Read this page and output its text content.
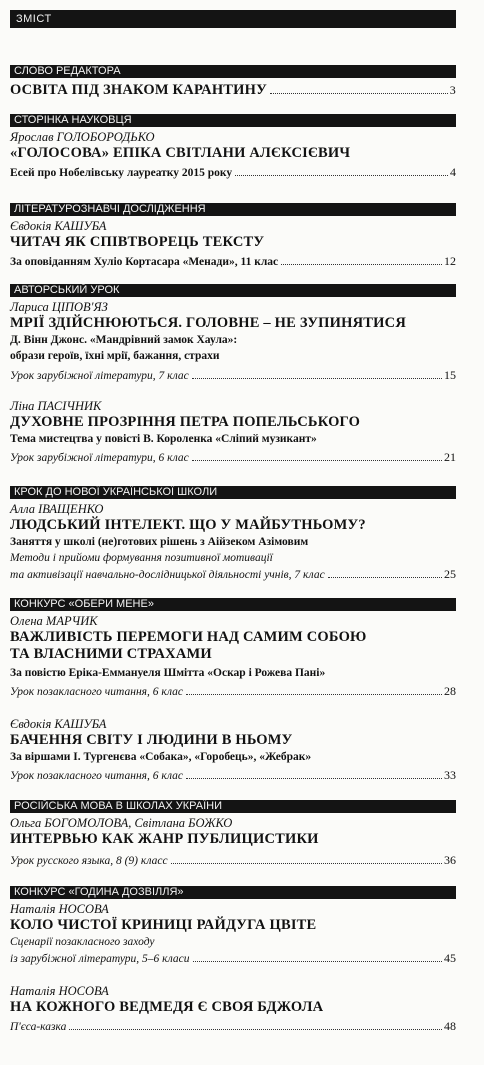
ЗМІСТ
СЛОВО РЕДАКТОРА
ОСВІТА ПІД ЗНАКОМ КАРАНТИНУ	3
СТОРІНКА НАУКОВЦЯ
Ярослав ГОЛОБОРОДЬКО
«ГОЛОСОВА» ЕПІКА СВІТЛАНИ АЛЄКСІЄВИЧ
Есей про Нобелівську лауреатку 2015 року	4
ЛІТЕРАТУРОЗНАВЧІ ДОСЛІДЖЕННЯ
Євдокія КАШУБА
ЧИТАЧ ЯК СПІВТВОРЕЦЬ ТЕКСТУ
За оповіданням Хуліо Кортасара «Менади», 11 клас	12
АВТОРСЬКИЙ УРОК
Лариса ЦІПОВ'ЯЗ
МРІЇ ЗДІЙСНЮЮТЬСЯ. ГОЛОВНЕ – НЕ ЗУПИНЯТИСЯ
Д. Вінн Джонс. «Мандрівний замок Хаула»:
образи героїв, їхні мрії, бажання, страхи
Урок зарубіжної літератури, 7 клас	15
Ліна ПАСІЧНИК
ДУХОВНЕ ПРОЗРІННЯ ПЕТРА ПОПЕЛЬСЬКОГО
Тема мистецтва у повісті В. Короленка «Сліпий музикант»
Урок зарубіжної літератури, 6 клас	21
КРОК ДО НОВОЇ УКРАЇНСЬКОЇ ШКОЛИ
Алла ІВАЩЕНКО
ЛЮДСЬКИЙ ІНТЕЛЕКТ. ЩО У МАЙБУТНЬОМУ?
Заняття у школі (не)готових рішень з Аійзеком Азімовим
Методи і прийоми формування позитивної мотивації
та активізації навчально-дослідницької діяльності учнів, 7 клас	25
КОНКУРС «ОБЕРИ МЕНЕ»
Олена МАРЧИК
ВАЖЛИВІСТЬ ПЕРЕМОГИ НАД САМИМ СОБОЮ
ТА ВЛАСНИМИ СТРАХАМИ
За повістю Еріка-Еммануеля Шмітта «Оскар і Рожева Пані»
Урок позакласного читання, 6 клас	28
Євдокія КАШУБА
БАЧЕННЯ СВІТУ І ЛЮДИНИ В НЬОМУ
За віршами І. Тургенєва «Собака», «Горобець», «Жебрак»
Урок позакласного читання, 6 клас	33
РОСІЙСЬКА МОВА В ШКОЛАХ УКРАЇНИ
Ольга БОГОМОЛОВА, Світлана БОЖКО
ИНТЕРВЬЮ КАК ЖАНР ПУБЛИЦИСТИКИ
Урок русского языка, 8 (9) класс	36
КОНКУРС «ГОДИНА ДОЗВІЛЛЯ»
Наталія НОСОВА
КОЛО ЧИСТОЇ КРИНИЦІ РАЙДУГА ЦВІТЕ
Сценарії позакласного заходу
із зарубіжної літератури, 5–6 класи	45
Наталія НОСОВА
НА КОЖНОГО ВЕДМЕДЯ Є СВОЯ БДЖОЛА
П'єса-казка	48
